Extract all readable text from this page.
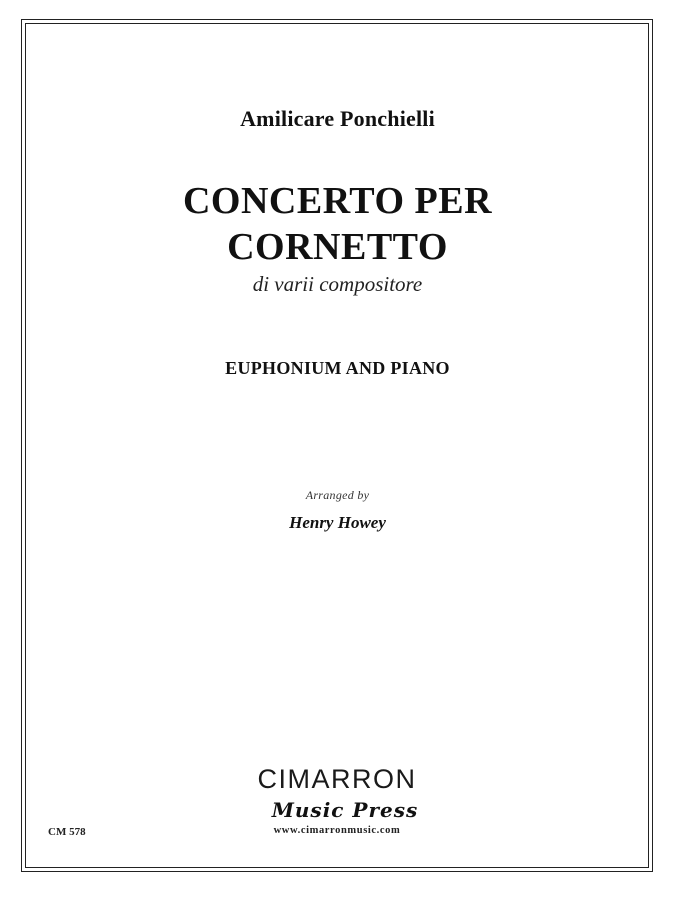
Amilicare Ponchielli
CONCERTO PER
CORNETTO
di varii compositore
EUPHONIUM AND PIANO
Arranged by
Henry Howey
CIMARRON
Music Press
www.cimarronmusic.com
CM 578
